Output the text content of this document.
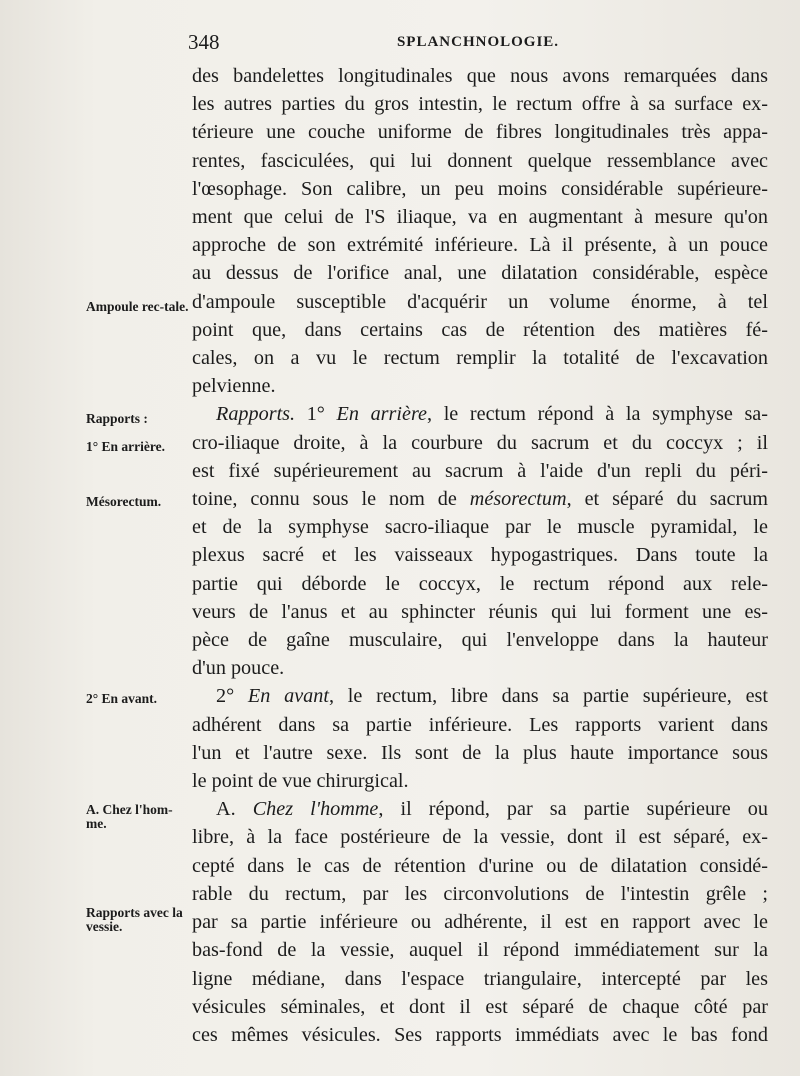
348	SPLANCHNOLOGIE.
Ampoule rec-tale.
Rapports :
1° En arrière.
Mésorectum.
2° En avant.
A. Chez l'hom-me.
Rapports avec la vessie.
des bandelettes longitudinales que nous avons remarquées dans
les autres parties du gros intestin, le rectum offre à sa surface ex-
térieure une couche uniforme de fibres longitudinales très appa-
rentes, fasciculées, qui lui donnent quelque ressemblance avec
l'œsophage. Son calibre, un peu moins considérable supérieure-
ment que celui de l'S iliaque, va en augmentant à mesure qu'on
approche de son extrémité inférieure. Là il présente, à un pouce
au dessus de l'orifice anal, une dilatation considérable, espèce
d'ampoule susceptible d'acquérir un volume énorme, à tel
point que, dans certains cas de rétention des matières fé-
cales, on a vu le rectum remplir la totalité de l'excavation
pelvienne.
Rapports. 1° En arrière, le rectum répond à la symphyse sa-
cro-iliaque droite, à la courbure du sacrum et du coccyx ; il
est fixé supérieurement au sacrum à l'aide d'un repli du péri-
toine, connu sous le nom de mésorectum, et séparé du sacrum
et de la symphyse sacro-iliaque par le muscle pyramidal, le
plexus sacré et les vaisseaux hypogastriques. Dans toute la
partie qui déborde le coccyx, le rectum répond aux rele-
veurs de l'anus et au sphincter réunis qui lui forment une es-
pèce de gaîne musculaire, qui l'enveloppe dans la hauteur
d'un pouce.
2° En avant, le rectum, libre dans sa partie supérieure, est
adhérent dans sa partie inférieure. Les rapports varient dans
l'un et l'autre sexe. Ils sont de la plus haute importance sous
le point de vue chirurgical.
A. Chez l'homme, il répond, par sa partie supérieure ou
libre, à la face postérieure de la vessie, dont il est séparé, ex-
cepté dans le cas de rétention d'urine ou de dilatation considé-
rable du rectum, par les circonvolutions de l'intestin grêle ;
par sa partie inférieure ou adhérente, il est en rapport avec le
bas-fond de la vessie, auquel il répond immédiatement sur la
ligne médiane, dans l'espace triangulaire, intercepté par les
vésicules séminales, et dont il est séparé de chaque côté par
ces mêmes vésicules. Ses rapports immédiats avec le bas fond
